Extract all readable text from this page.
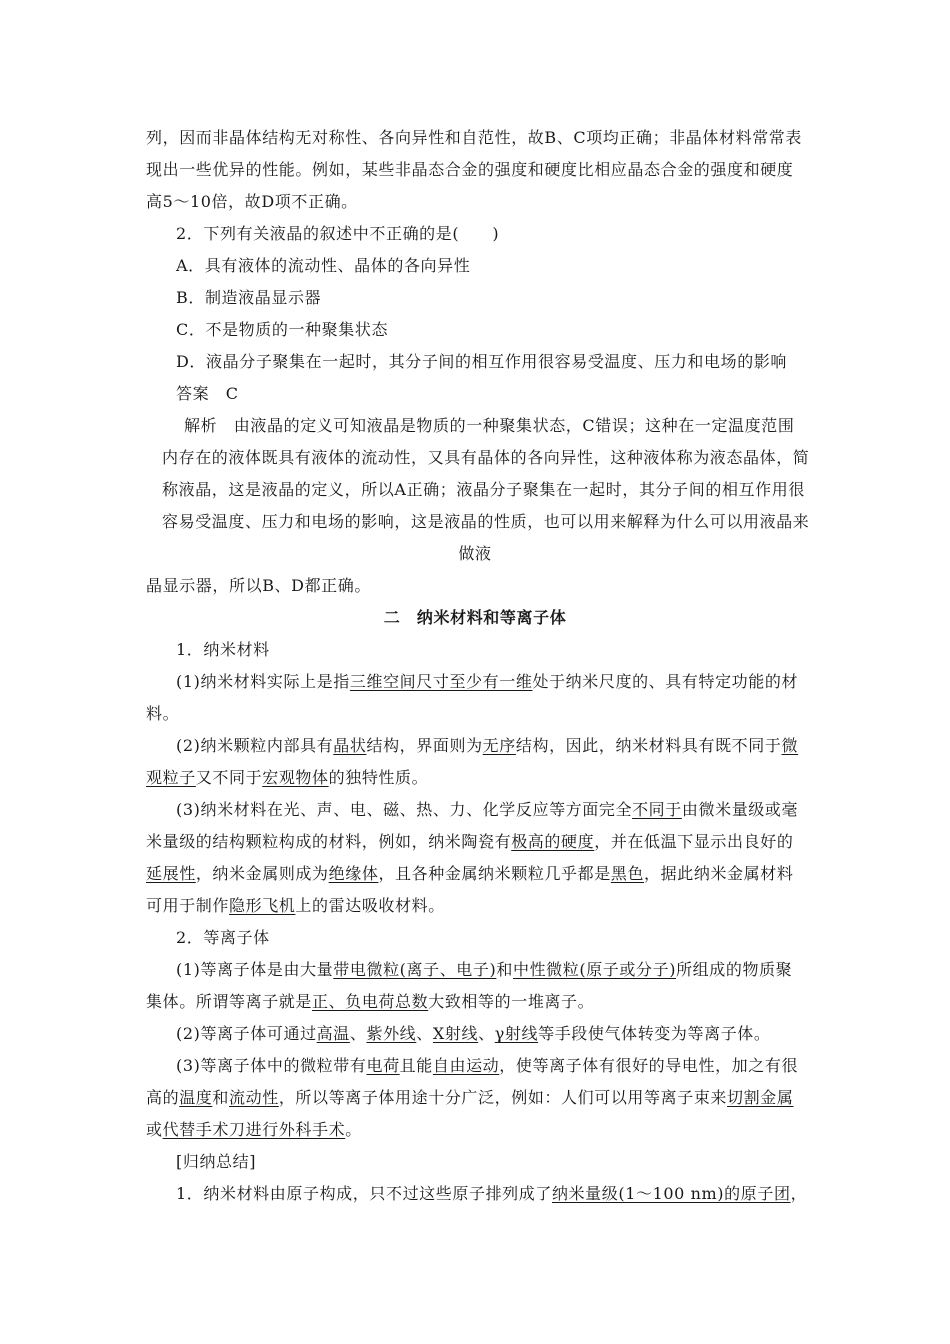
列，因而非晶体结构无对称性、各向异性和自范性，故B、C项均正确；非晶体材料常常表
现出一些优异的性能。例如，某些非晶态合金的强度和硬度比相应晶态合金的强度和硬度
高5～10倍，故D项不正确。
2．下列有关液晶的叙述中不正确的是(　　)
A．具有液体的流动性、晶体的各向异性
B．制造液晶显示器
C．不是物质的一种聚集状态
D．液晶分子聚集在一起时，其分子间的相互作用很容易受温度、压力和电场的影响
答案　C
解析　由液晶的定义可知液晶是物质的一种聚集状态，C错误；这种在一定温度范围
内存在的液体既具有液体的流动性，又具有晶体的各向异性，这种液体称为液态晶体，简
称液晶，这是液晶的定义，所以A正确；液晶分子聚集在一起时，其分子间的相互作用很
容易受温度、压力和电场的影响，这是液晶的性质，也可以用来解释为什么可以用液晶来
做液
晶显示器，所以B、D都正确。
二　纳米材料和等离子体
1．纳米材料
(1)纳米材料实际上是指三维空间尺寸至少有一维处于纳米尺度的、具有特定功能的材
料。
(2)纳米颗粒内部具有晶状结构，界面则为无序结构，因此，纳米材料具有既不同于微
观粒子又不同于宏观物体的独特性质。
(3)纳米材料在光、声、电、磁、热、力、化学反应等方面完全不同于由微米量级或毫
米量级的结构颗粒构成的材料，例如，纳米陶瓷有极高的硬度，并在低温下显示出良好的
延展性，纳米金属则成为绝缘体，且各种金属纳米颗粒几乎都是黑色，据此纳米金属材料
可用于制作隐形飞机上的雷达吸收材料。
2．等离子体
(1)等离子体是由大量带电微粒(离子、电子)和中性微粒(原子或分子)所组成的物质聚
集体。所谓等离子就是正、负电荷总数大致相等的一堆离子。
(2)等离子体可通过高温、紫外线、X射线、γ射线等手段使气体转变为等离子体。
(3)等离子体中的微粒带有电荷且能自由运动，使等离子体有很好的导电性，加之有很
高的温度和流动性，所以等离子体用途十分广泛，例如：人们可以用等离子束来切割金属
或代替手术刀进行外科手术。
[归纳总结]
1．纳米材料由原子构成，只不过这些原子排列成了纳米量级(1～100 nm)的原子团，
